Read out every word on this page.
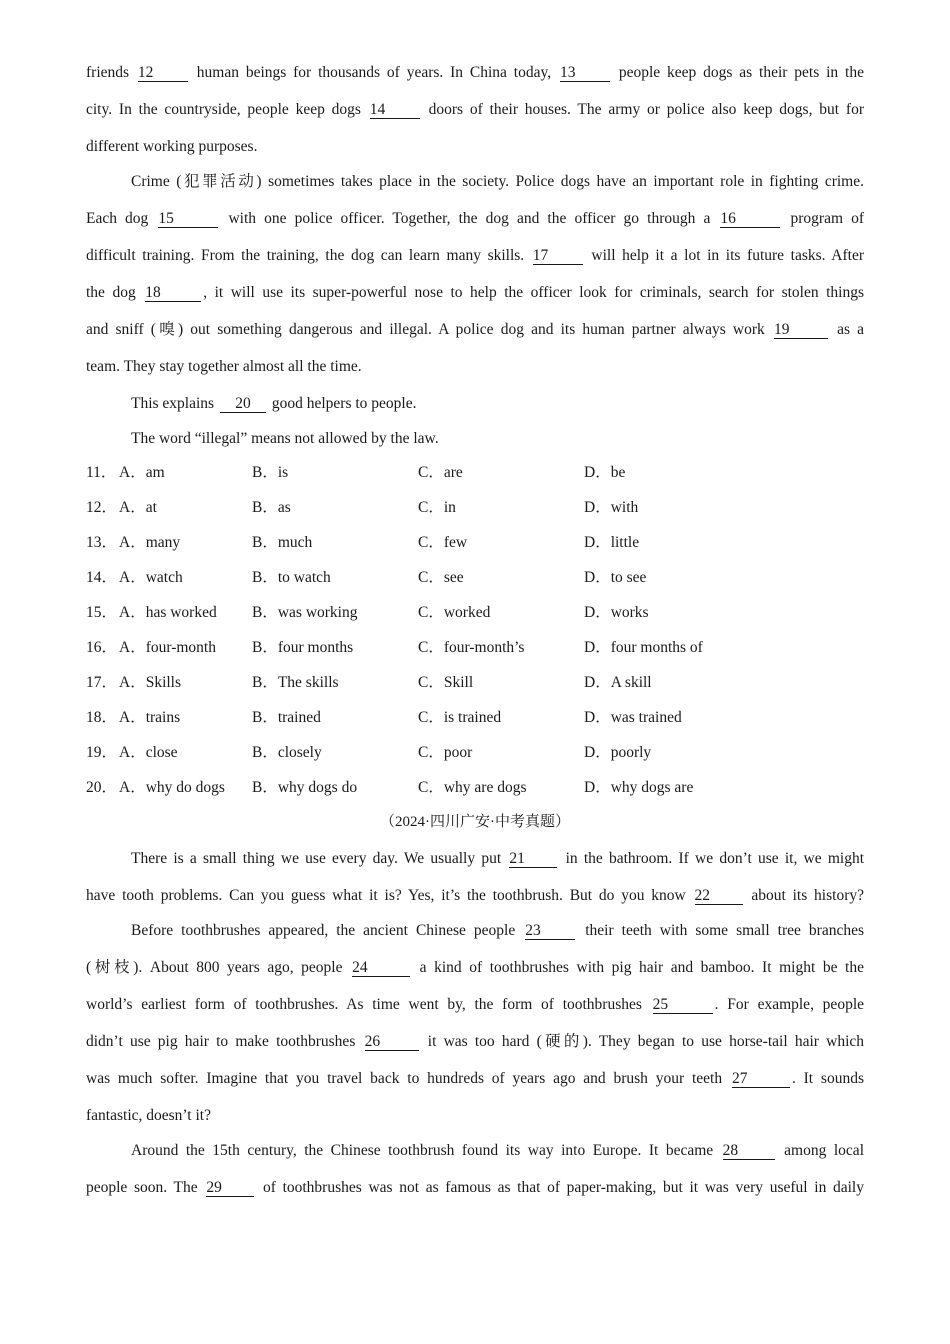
friends 12 human beings for thousands of years. In China today, 13 people keep dogs as their pets in the
city. In the countryside, people keep dogs 14 doors of their houses. The army or police also keep dogs, but for
different working purposes.
Crime (犯罪活动) sometimes takes place in the society. Police dogs have an important role in fighting crime.
Each dog 15	with one police officer. Together, the dog and the officer go through a 16	program of
difficult training. From the training, the dog can learn many skills. 17 will help it a lot in its future tasks. After
the dog 18	, it will use its super-powerful nose to help the officer look for criminals, search for stolen things
and sniff (嗅) out something dangerous and illegal. A police dog and its human partner always work 19	as a
team. They stay together almost all the time.
This explains 20 good helpers to people.
The word “illegal” means not allowed by the law.
11． A．am	B．is	C．are	D．be
12． A．at	B．as	C．in	D．with
13． A．many	B．much	C．few	D．little
14． A．watch	B．to watch	C．see	D．to see
15． A．has worked B．was working	C．worked	D．works
16． A．four-month B．four months	C．four-month’s	D．four months of
17． A．Skills	B．The skills	C．Skill	D．A skill
18． A．trains	B．trained	C．is trained	D．was trained
19． A．close	B．closely	C．poor	D．poorly
20． A．why do dogs B．why dogs do	C．why are dogs	D．why dogs are
（2024·四川广安·中考真题）
There is a small thing we use every day. We usually put 21 in the bathroom. If we don’t use it, we might
have tooth problems. Can you guess what it is? Yes, it’s the toothbrush. But do you know 22 about its history?
Before toothbrushes appeared, the ancient Chinese people 23 their teeth with some small tree branches
(树枝). About 800 years ago, people 24	a kind of toothbrushes with pig hair and bamboo. It might be the
world’s earliest form of toothbrushes. As time went by, the form of toothbrushes 25	. For example, people
didn’t use pig hair to make toothbrushes 26	it was too hard (硬的). They began to use horse-tail hair which
was much softer. Imagine that you travel back to hundreds of years ago and brush your teeth 27	. It sounds
fantastic, doesn’t it?
Around the 15th century, the Chinese toothbrush found its way into Europe. It became 28 among local
people soon. The 29 of toothbrushes was not as famous as that of paper-making, but it was very useful in daily
